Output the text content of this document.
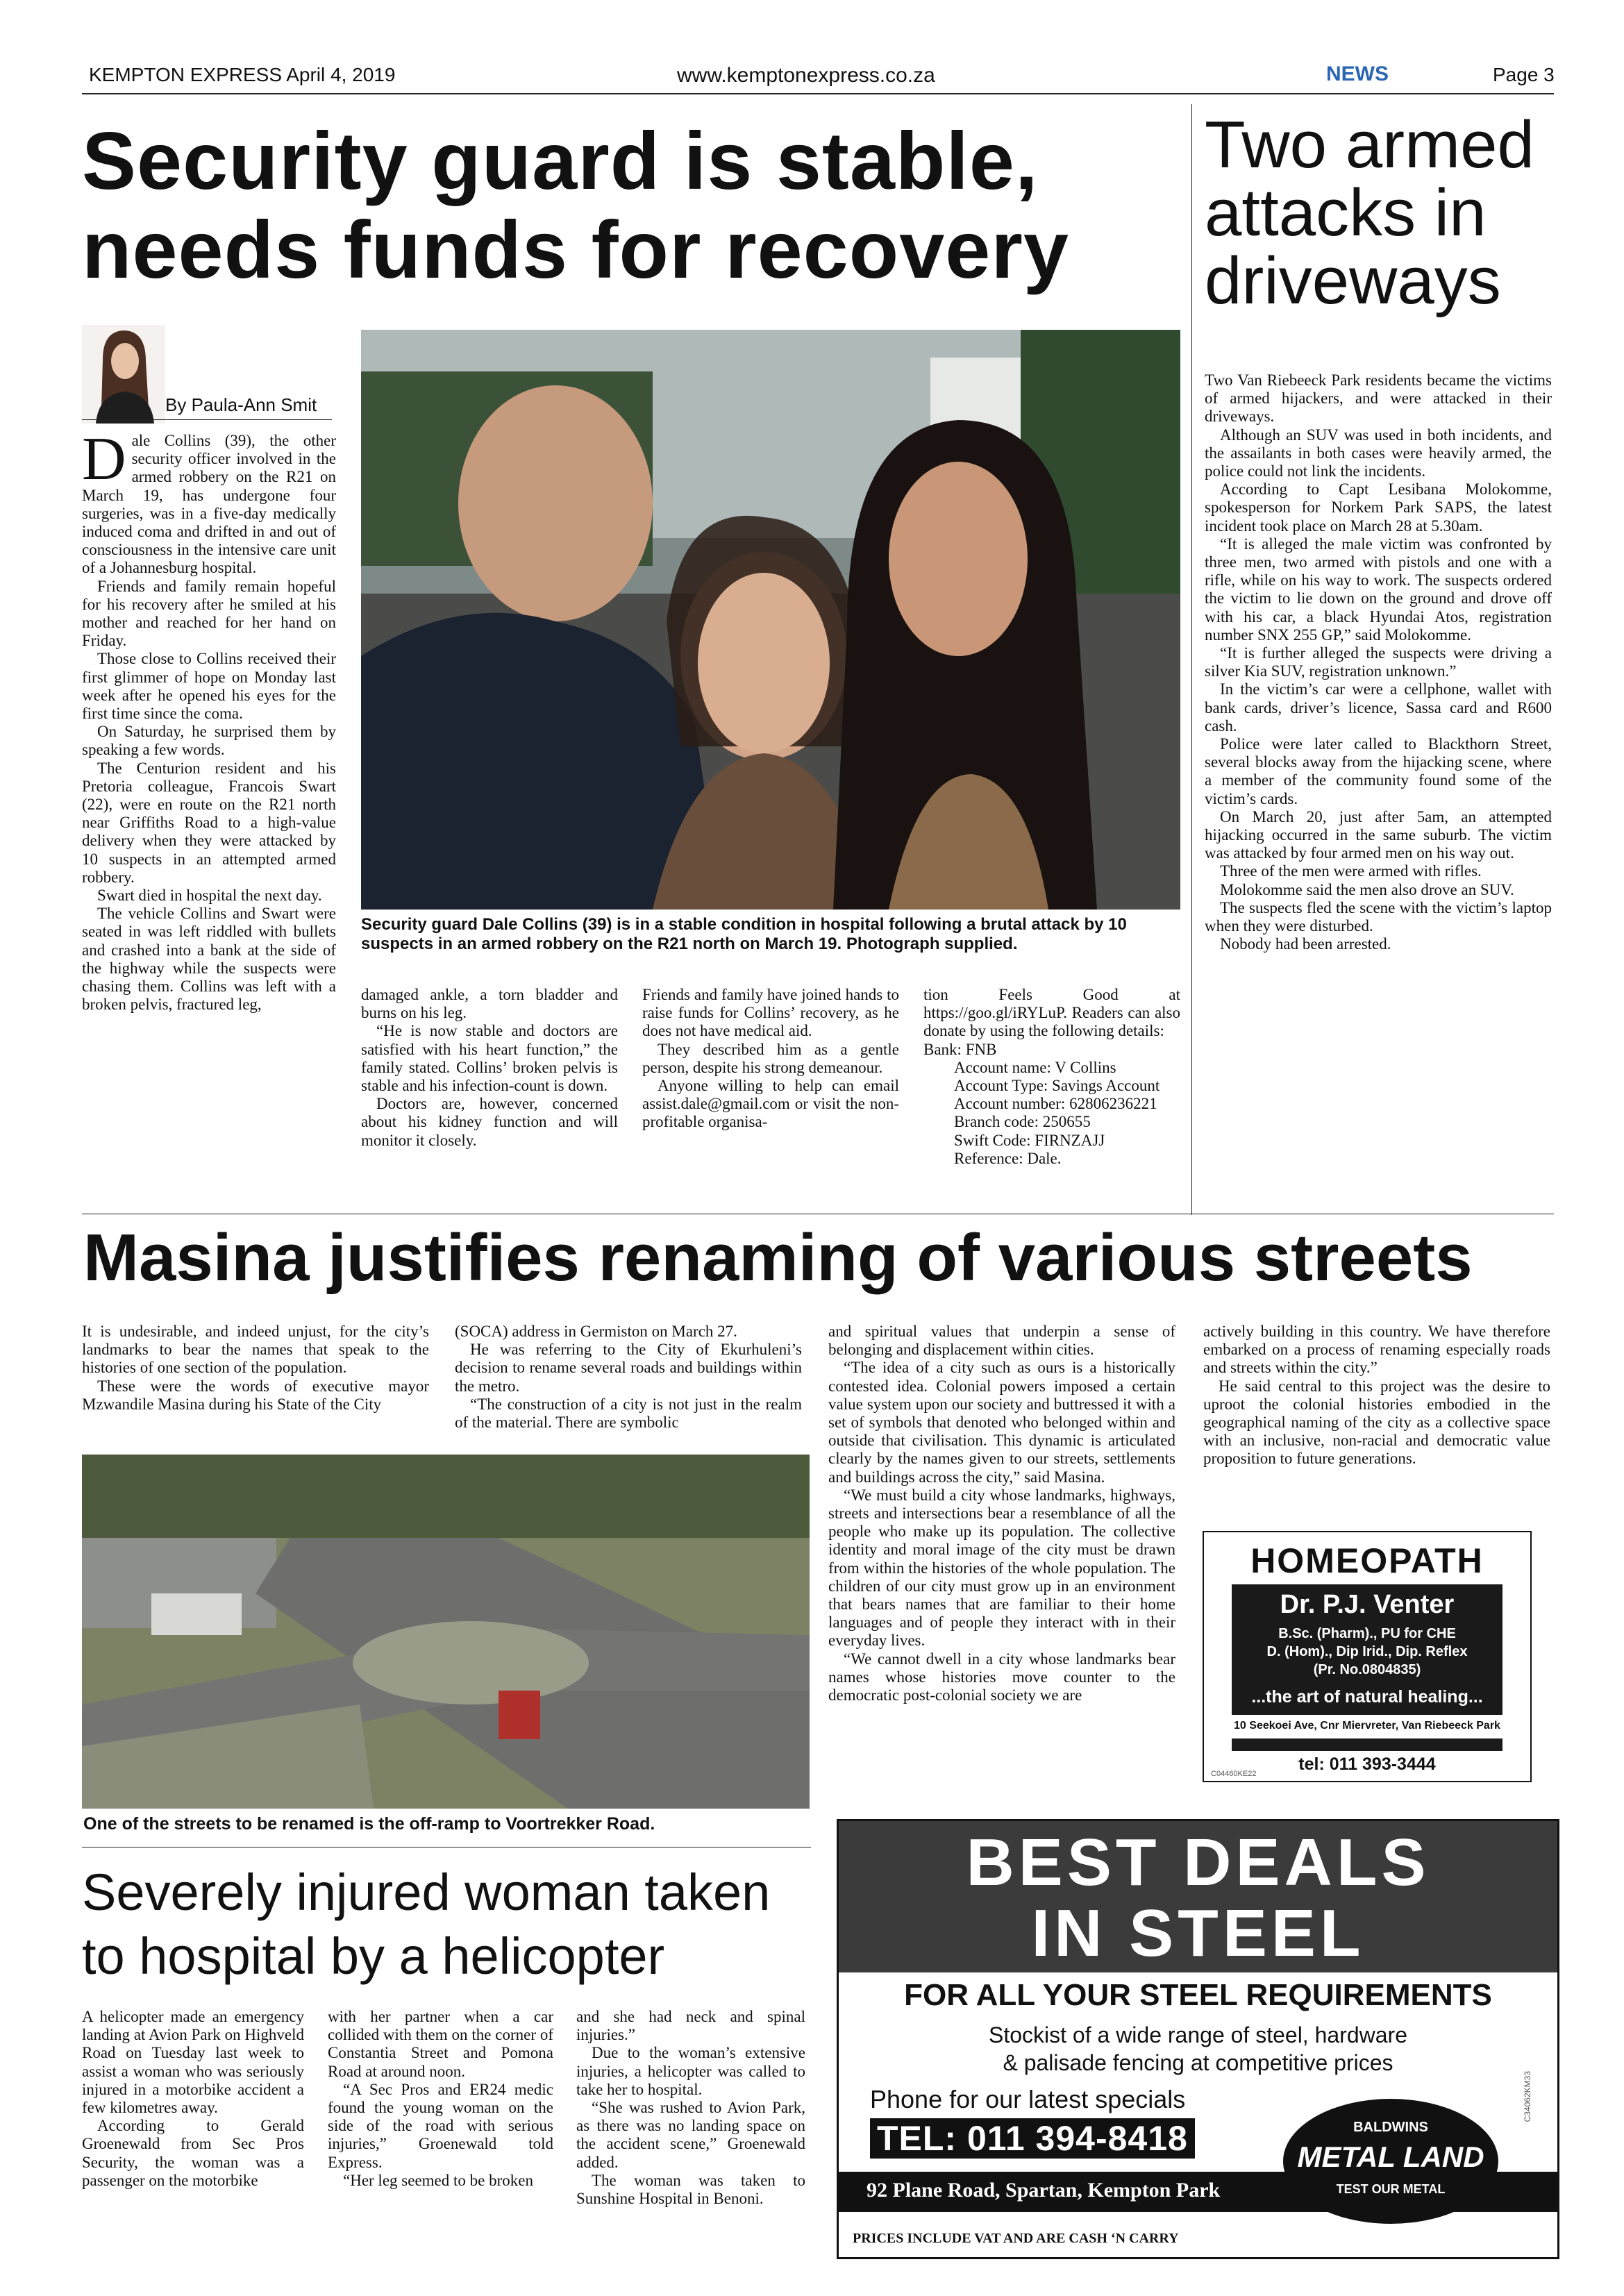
KEMPTON EXPRESS April 4, 2019	www.kemptonexpress.co.za	NEWS	Page 3
Security guard is stable,
needs funds for recovery
By Paula-Ann Smit

Dale Collins (39), the other security officer involved in the armed robbery on the R21 on March 19, has undergone four surgeries, was in a five-day medically induced coma and drifted in and out of consciousness in the intensive care unit of a Johannesburg hospital.

Friends and family remain hopeful for his recovery after he smiled at his mother and reached for her hand on Friday.

Those close to Collins received their first glimmer of hope on Monday last week after he opened his eyes for the first time since the coma.

On Saturday, he surprised them by speaking a few words.

The Centurion resident and his Pretoria colleague, Francois Swart (22), were en route on the R21 north near Griffiths Road to a high-value delivery when they were attacked by 10 suspects in an attempted armed robbery.

Swart died in hospital the next day.

The vehicle Collins and Swart were seated in was left riddled with bullets and crashed into a bank at the side of the highway while the suspects were chasing them. Collins was left with a broken pelvis, fractured leg,

Security guard Dale Collins (39) is in a stable condition in hospital following a brutal attack by 10 suspects in an armed robbery on the R21 north on March 19. Photograph supplied.

damaged ankle, a torn bladder and burns on his leg.

“He is now stable and doctors are satisfied with his heart function,” the family stated. Collins’ broken pelvis is stable and his infection-count is down.

Doctors are, however, concerned about his kidney function and will monitor it closely.

Friends and family have joined hands to raise funds for Collins’ recovery, as he does not have medical aid.

They described him as a gentle person, despite his strong demeanour.

Anyone willing to help can email assist.dale@gmail.com or visit the non-profitable organisa-

tion Feels Good at https://goo.gl/iRYLuP. Readers can also donate by using the following details:

Bank: FNB

Account name: V Collins

Account Type: Savings Account

Account number: 62806236221

Branch code: 250655

Swift Code: FIRNZAJJ

Reference: Dale.

Two armed attacks in driveways

Two Van Riebeeck Park residents became the victims of armed hijackers, and were attacked in their driveways.

Although an SUV was used in both incidents, and the assailants in both cases were heavily armed, the police could not link the incidents.

According to Capt Lesibana Molokomme, spokesperson for Norkem Park SAPS, the latest incident took place on March 28 at 5.30am.

“It is alleged the male victim was confronted by three men, two armed with pistols and one with a rifle, while on his way to work. The suspects ordered the victim to lie down on the ground and drove off with his car, a black Hyundai Atos, registration number SNX 255 GP,” said Molokomme.

“It is further alleged the suspects were driving a silver Kia SUV, registration unknown.”

In the victim’s car were a cellphone, wallet with bank cards, driver’s licence, Sassa card and R600 cash.

Police were later called to Blackthorn Street, several blocks away from the hijacking scene, where a member of the community found some of the victim’s cards.

On March 20, just after 5am, an attempted hijacking occurred in the same suburb. The victim was attacked by four armed men on his way out.

Three of the men were armed with rifles.

Molokomme said the men also drove an SUV.

The suspects fled the scene with the victim’s laptop when they were disturbed.

Nobody had been arrested.

Masina justifies renaming of various streets

It is undesirable, and indeed unjust, for the city’s landmarks to bear the names that speak to the histories of one section of the population.

These were the words of executive mayor Mzwandile Masina during his State of the City

(SOCA) address in Germiston on March 27.

He was referring to the City of Ekurhuleni’s decision to rename several roads and buildings within the metro.

“The construction of a city is not just in the realm of the material. There are symbolic

and spiritual values that underpin a sense of belonging and displacement within cities.

“The idea of a city such as ours is a historically contested idea. Colonial powers imposed a certain value system upon our society and buttressed it with a set of symbols that denoted who belonged within and outside that civilisation. This dynamic is articulated clearly by the names given to our streets, settlements and buildings across the city,” said Masina.

“We must build a city whose landmarks, highways, streets and intersections bear a resemblance of all the people who make up its population. The collective identity and moral image of the city must be drawn from within the histories of the whole population. The children of our city must grow up in an environment that bears names that are familiar to their home languages and of people they interact with in their everyday lives.

“We cannot dwell in a city whose landmarks bear names whose histories move counter to the democratic post-colonial society we are

actively building in this country. We have therefore embarked on a process of renaming especially roads and streets within the city.”

He said central to this project was the desire to uproot the colonial histories embodied in the geographical naming of the city as a collective space with an inclusive, non-racial and democratic value proposition to future generations.

One of the streets to be renamed is the off-ramp to Voortrekker Road.
Severely injured woman taken
to hospital by a helicopter

A helicopter made an emergency landing at Avion Park on Highveld Road on Tuesday last week to assist a woman who was seriously injured in a motorbike accident a few kilometres away.

According to Gerald Groenewald from Sec Pros Security, the woman was a passenger on the motorbike

with her partner when a car collided with them on the corner of Constantia Street and Pomona Road at around noon.

“A Sec Pros and ER24 medic found the young woman on the side of the road with serious injuries,” Groenewald told Express.

“Her leg seemed to be broken

and she had neck and spinal injuries.”

Due to the woman’s extensive injuries, a helicopter was called to take her to hospital.

“She was rushed to Avion Park, as there was no landing space on the accident scene,” Groenewald added.

The woman was taken to Sunshine Hospital in Benoni.

HOMEOPATH
Dr. P.J. Venter
B.Sc. (Pharm)., PU for CHE
D. (Hom)., Dip Irid., Dip. Reflex
(Pr. No.0804835)
...the art of natural healing...
10 Seekoei Ave, Cnr Miervreter, Van Riebeeck Park
tel: 011 393-3444
C04460KE22
BEST DEALS
IN STEEL
FOR ALL YOUR STEEL REQUIREMENTS
Stockist of a wide range of steel, hardware
& palisade fencing at competitive prices
Phone for our latest specials
TEL: 011 394-8418
92 Plane Road, Spartan, Kempton Park
PRICES INCLUDE VAT AND ARE CASH ‘N CARRY
BALDWINS
METAL LAND
TEST OUR METAL
C34062KM33
